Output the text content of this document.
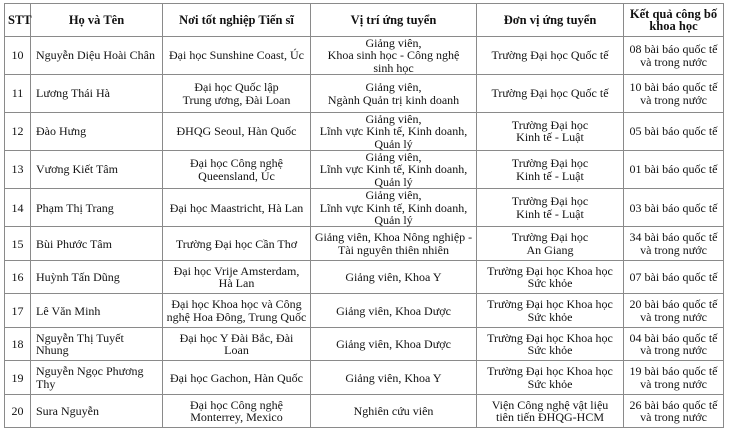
STT	Họ và Tên	Nơi tốt nghiệp Tiến sĩ	Vị trí ứng tuyển	Đơn vị ứng tuyển	Kết quả công bố
khoa học
10	Nguyễn Diệu Hoài Chân	Đại học Sunshine Coast, Úc	Giảng viên,
Khoa sinh học - Công nghệ
sinh học	Trường Đại học Quốc tế	08 bài báo quốc tế
và trong nước
11	Lương Thái Hà	Đại học Quốc lập
Trung ương, Đài Loan	Giảng viên,
Ngành Quản trị kinh doanh	Trường Đại học Quốc tế	10 bài báo quốc tế
và trong nước
12	Đào Hưng	ĐHQG Seoul, Hàn Quốc	Giảng viên,
Lĩnh vực Kinh tế, Kinh doanh,
Quản lý	Trường Đại học
Kinh tế - Luật	05 bài báo quốc tế
13	Vương Kiết Tâm	Đại học Công nghệ
Queensland, Úc	Giảng viên,
Lĩnh vực Kinh tế, Kinh doanh,
Quản lý	Trường Đại học
Kinh tế - Luật	01 bài báo quốc tế
14	Phạm Thị Trang	Đại học Maastricht, Hà Lan	Giảng viên,
Lĩnh vực Kinh tế, Kinh doanh,
Quản lý	Trường Đại học
Kinh tế - Luật	03 bài báo quốc tế
15	Bùi Phước Tâm	Trường Đại học Cần Thơ	Giảng viên, Khoa Nông nghiệp -
Tài nguyên thiên nhiên	Trường Đại học
An Giang	34 bài báo quốc tế
và trong nước
16	Huỳnh Tấn Dũng	Đại học Vrije Amsterdam,
Hà Lan	Giảng viên, Khoa Y	Trường Đại học Khoa học
Sức khỏe	07 bài báo quốc tế
17	Lê Văn Minh	Đại học Khoa học và Công
nghệ Hoa Đông, Trung Quốc	Giảng viên, Khoa Dược	Trường Đại học Khoa học
Sức khỏe	20 bài báo quốc tế
và trong nước
18	Nguyễn Thị Tuyết Nhung	Đại học Y Đài Bắc, Đài Loan	Giảng viên, Khoa Dược	Trường Đại học Khoa học
Sức khỏe	04 bài báo quốc tế
và trong nước
19	Nguyễn Ngọc Phương Thy	Đại học Gachon, Hàn Quốc	Giảng viên, Khoa Y	Trường Đại học Khoa học
Sức khỏe	19 bài báo quốc tế
và trong nước
20	Sura Nguyễn	Đại học Công nghệ
Monterrey, Mexico	Nghiên cứu viên	Viện Công nghệ vật liệu
tiên tiến ĐHQG-HCM	26 bài báo quốc tế
và trong nước
